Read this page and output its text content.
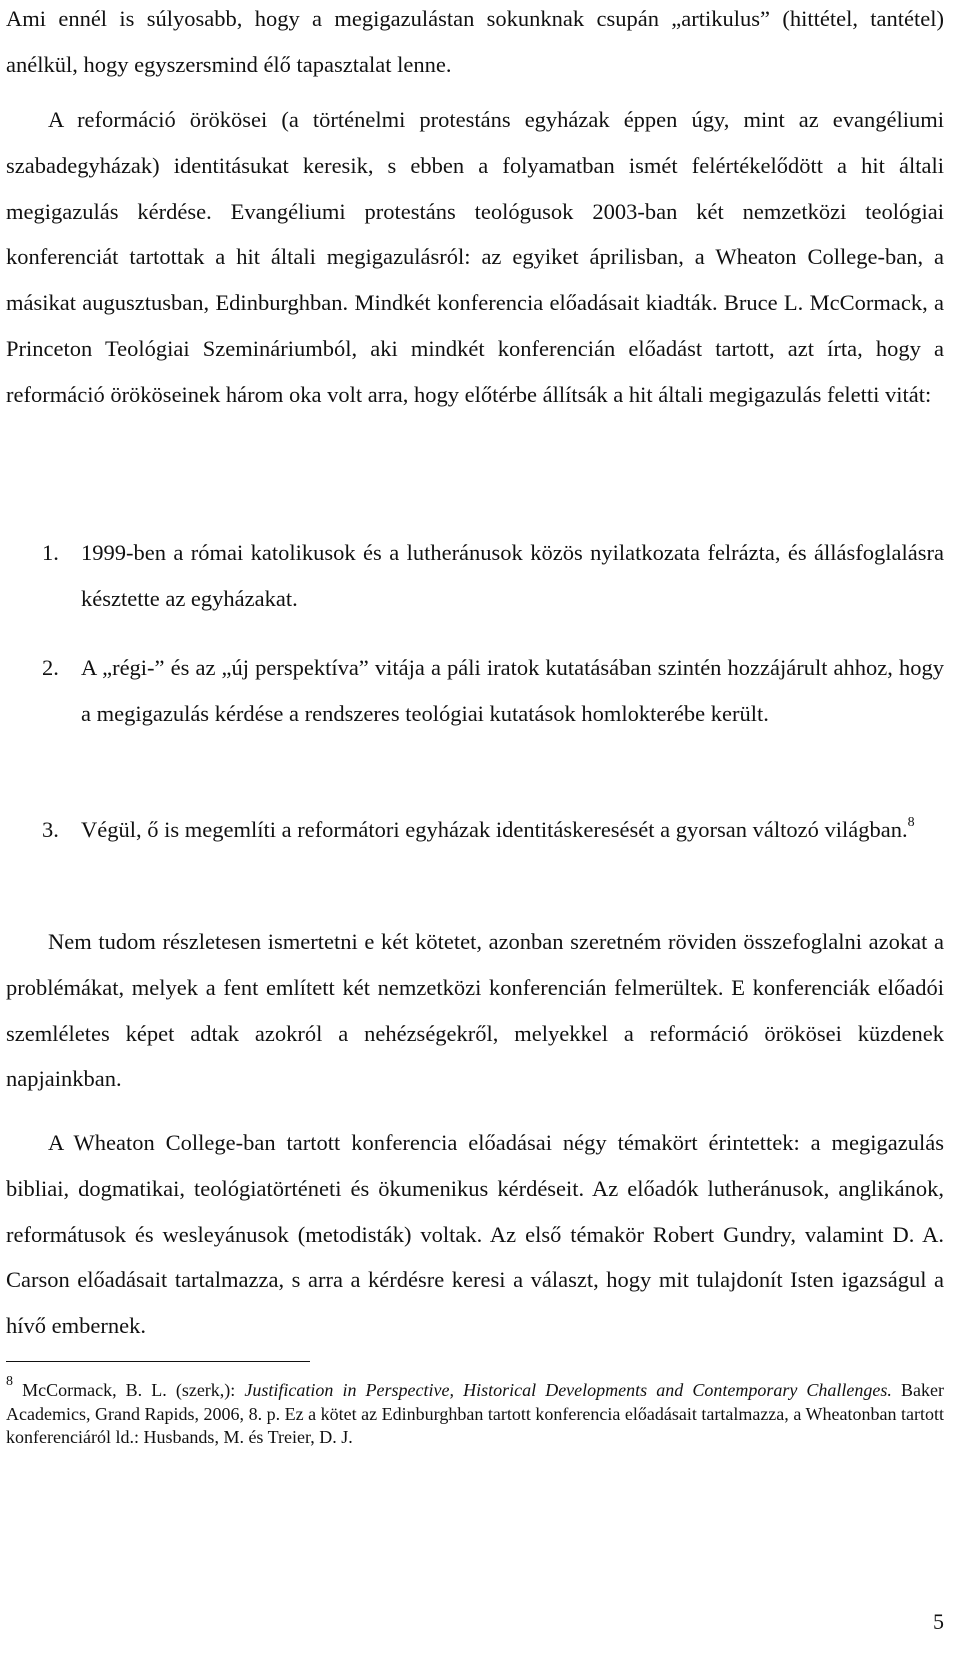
Ami ennél is súlyosabb, hogy a megigazulástan sokunknak csupán „artikulus” (hittétel, tantétel) anélkül, hogy egyszersmind élő tapasztalat lenne.

A reformáció örökösei (a történelmi protestáns egyházak éppen úgy, mint az evangéliumi szabadegyházak) identitásukat keresik, s ebben a folyamatban ismét felértékelődött a hit általi megigazulás kérdése. Evangéliumi protestáns teológusok 2003-ban két nemzetközi teológiai konferenciát tartottak a hit általi megigazulásról: az egyiket áprilisban, a Wheaton College-ban, a másikat augusztusban, Edinburghban. Mindkét konferencia előadásait kiadták. Bruce L. McCormack, a Princeton Teológiai Szemináriumból, aki mindkét konferencián előadást tartott, azt írta, hogy a reformáció örököseinek három oka volt arra, hogy előtérbe állítsák a hit általi megigazulás feletti vitát:

1. 1999-ben a római katolikusok és a lutheránusok közös nyilatkozata felrázta, és állásfoglalásra késztette az egyházakat.
2. A „régi-” és az „új perspektíva” vitája a páli iratok kutatásában szintén hozzájárult ahhoz, hogy a megigazulás kérdése a rendszeres teológiai kutatások homlokterébe került.
3. Végül, ő is megemlíti a reformátori egyházak identitáskeresését a gyorsan változó világban.$^8$

Nem tudom részletesen ismertetni e két kötetet, azonban szeretném röviden összefoglalni azokat a problémákat, melyek a fent említett két nemzetközi konferencián felmerültek. E konferenciák előadói szemléletes képet adtak azokról a nehézségekről, melyekkel a reformáció örökösei küzdenek napjainkban.

A Wheaton College-ban tartott konferencia előadásai négy témakört érintettek: a megigazulás bibliai, dogmatikai, teológiatörténeti és ökumenikus kérdéseit. Az előadók lutheránusok, anglikánok, reformátusok és wesleyánusok (metodisták) voltak. Az első témakör Robert Gundry, valamint D. A. Carson előadásait tartalmazza, s arra a kérdésre keresi a választ, hogy mit tulajdonít Isten igazságul a hívő embernek.

$^8$ McCormack, B. L. (szerk,): Justification in Perspective, Historical Developments and Contemporary Challenges. Baker Academics, Grand Rapids, 2006, 8. p. Ez a kötet az Edinburghban tartott konferencia előadásait tartalmazza, a Wheatonban tartott konferenciáról ld.: Husbands, M. és Treier, D. J.

5
